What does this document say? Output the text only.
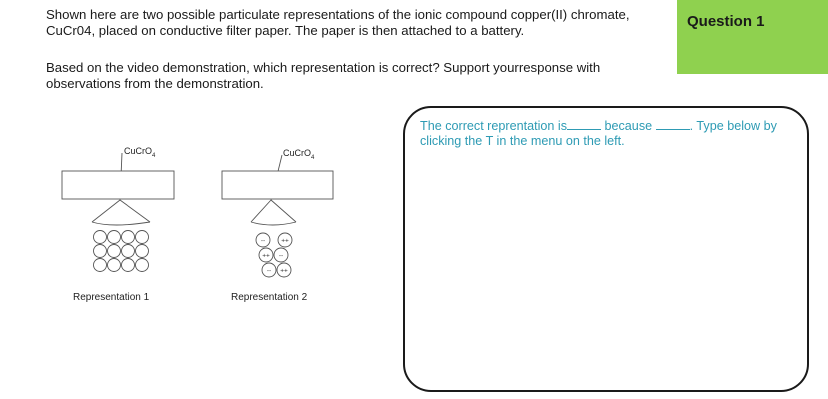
Shown here are two possible particulate representations of the ionic compound copper(II) chromate, CuCr04, placed on conductive filter paper. The paper is then attached to a battery.

Based on the video demonstration, which representation is correct? Support yourresponse with observations from the demonstration.

Question 1

The correct reprentation is	because	. Type below by clicking the T in the menu on the left.

CuCrO$_4$	CuCrO$_4$
-- ++
++ --
-- ++
Representation 1	Representation 2
